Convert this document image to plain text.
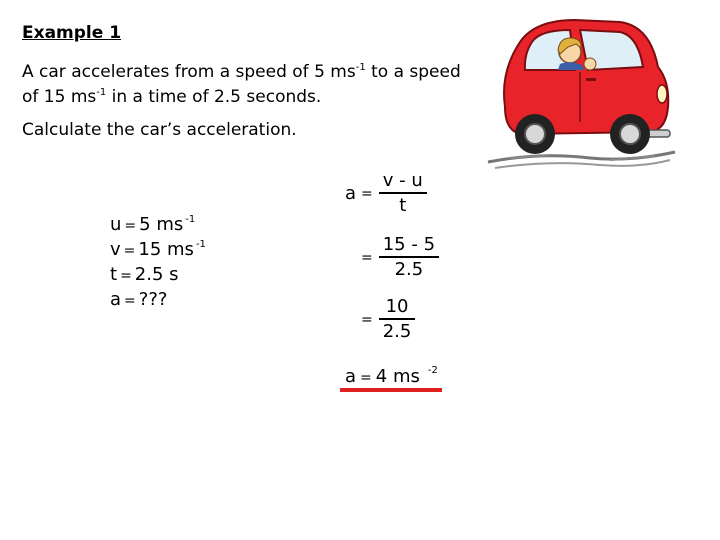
Example 1
A car accelerates from a speed of 5 $ms^{-1}$ to a speed of 15 $ms^{-1}$ in a time of 2.5 seconds.
Calculate the car’s acceleration.
u = 5 ms $^{-1}$
v = 15 ms $^{-1}$
t = 2.5 s
a = ???
$a = \frac{v - u}{t}$
= $\frac{15 - 5}{2.5}$
= $\frac{10}{2.5}$
a = 4 ms $^{-2}$
